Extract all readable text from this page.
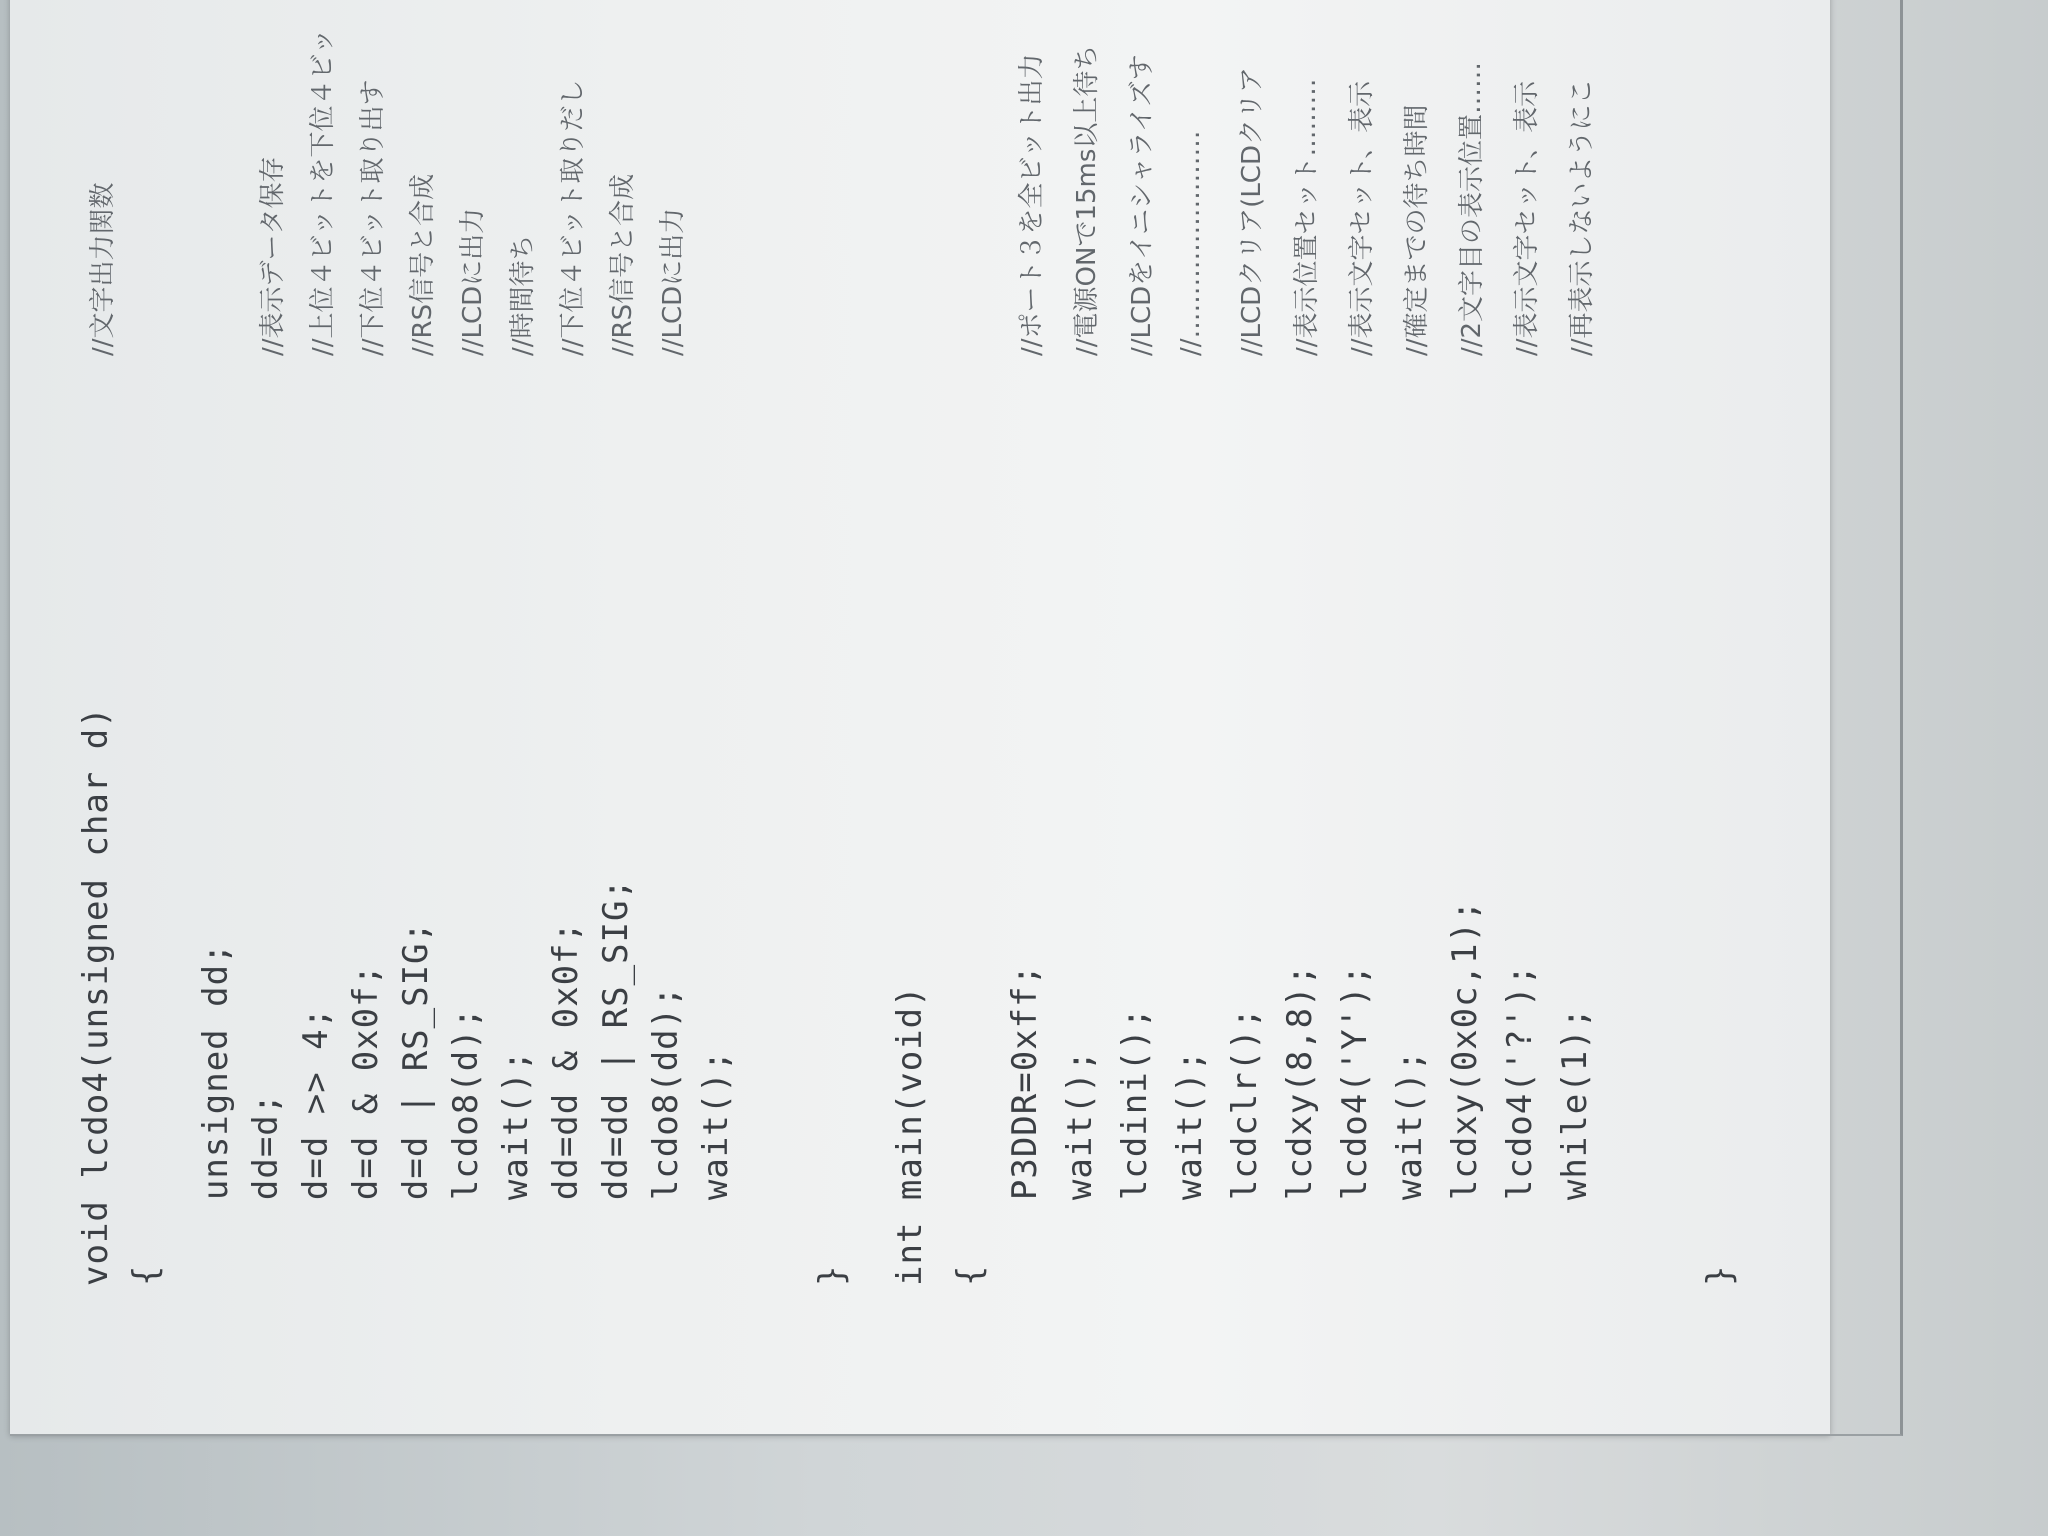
void lcdo4(unsigned char d)
//文字出力関数
{ unsigned dd; dd=d;
//表示データ保存
d=d >> 4;
//上位４ビットを下位４ビッ
d=d & 0x0f;
//下位４ビット取り出す
d=d | RS_SIG;
//RS信号と合成
lcdo8(d);
//LCDに出力
wait();
//時間待ち
dd=dd & 0x0f;
//下位４ビット取りだし
dd=dd | RS_SIG;
//RS信号と合成
lcdo8(dd);
//LCDに出力
wait(); } int main(void) { P3DDR=0xff;
//ポート３を全ビット出力
wait();
//電源ONで15ms以上待ち
lcdini();
//LCDをイニシャライズす
wait();
//……………………
lcdclr();
//LCDクリア(LCDクリア
lcdxy(8,8);
//表示位置セット………
lcdo4('Y');
//表示文字セット、表示
wait();
//確定までの待ち時間
lcdxy(0x0c,1);
//2文字目の表示位置……
lcdo4('?');
//表示文字セット、表示
while(1);
//再表示しないようにこ
}
